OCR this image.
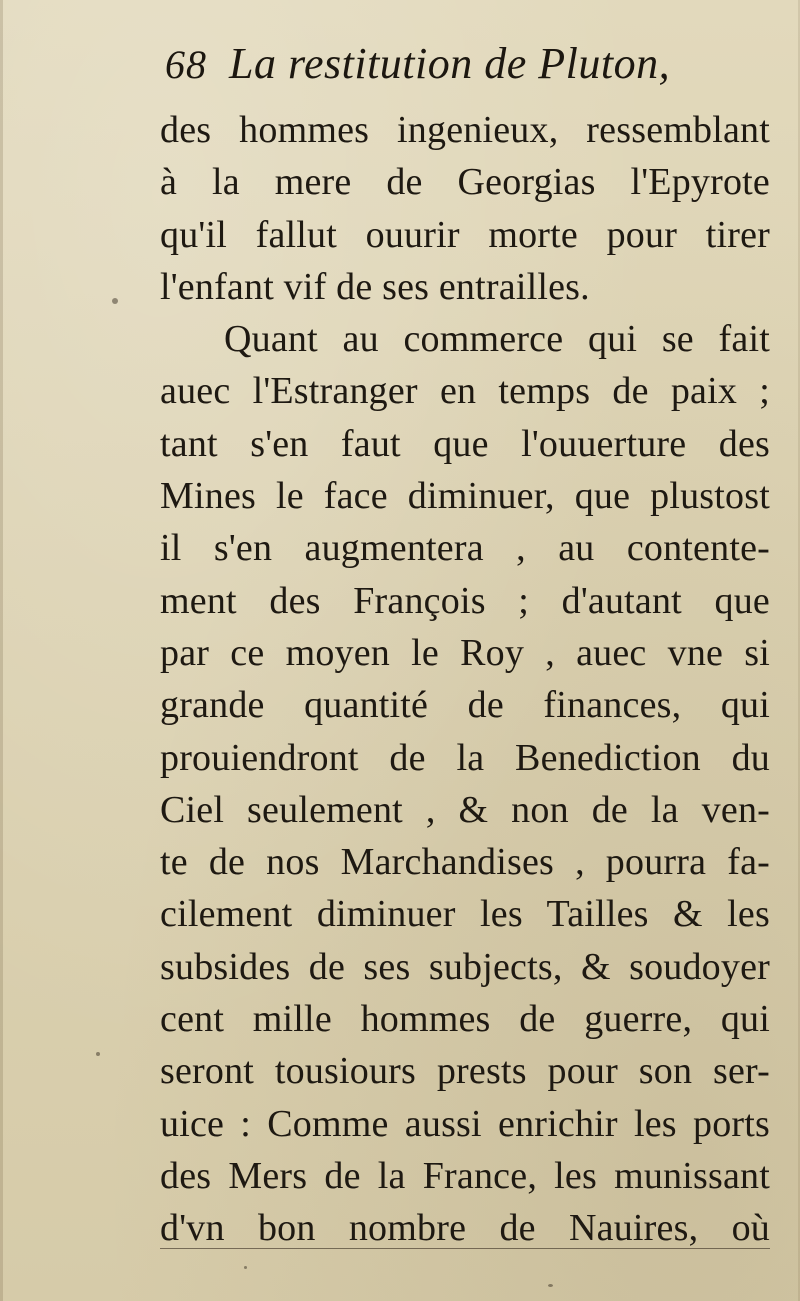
68 La restitution de Pluton,
des hommes ingenieux, ressemblant
à la mere de Georgias l'Epyrote
qu'il fallut ouurir morte pour tirer
l'enfant vif de ses entrailles.
Quant au commerce qui se fait
auec l'Estranger en temps de paix ;
tant s'en faut que l'ouuerture des
Mines le face diminuer, que plustost
il s'en augmentera , au contente-
ment des François ; d'autant que
par ce moyen le Roy , auec vne si
grande quantité de finances, qui
prouiendront de la Benediction du
Ciel seulement , & non de la ven-
te de nos Marchandises , pourra fa-
cilement diminuer les Tailles & les
subsides de ses subjects, & soudoyer
cent mille hommes de guerre, qui
seront tousiours prests pour son ser-
uice : Comme aussi enrichir les ports
des Mers de la France, les munissant
d'vn bon nombre de Nauires, où
